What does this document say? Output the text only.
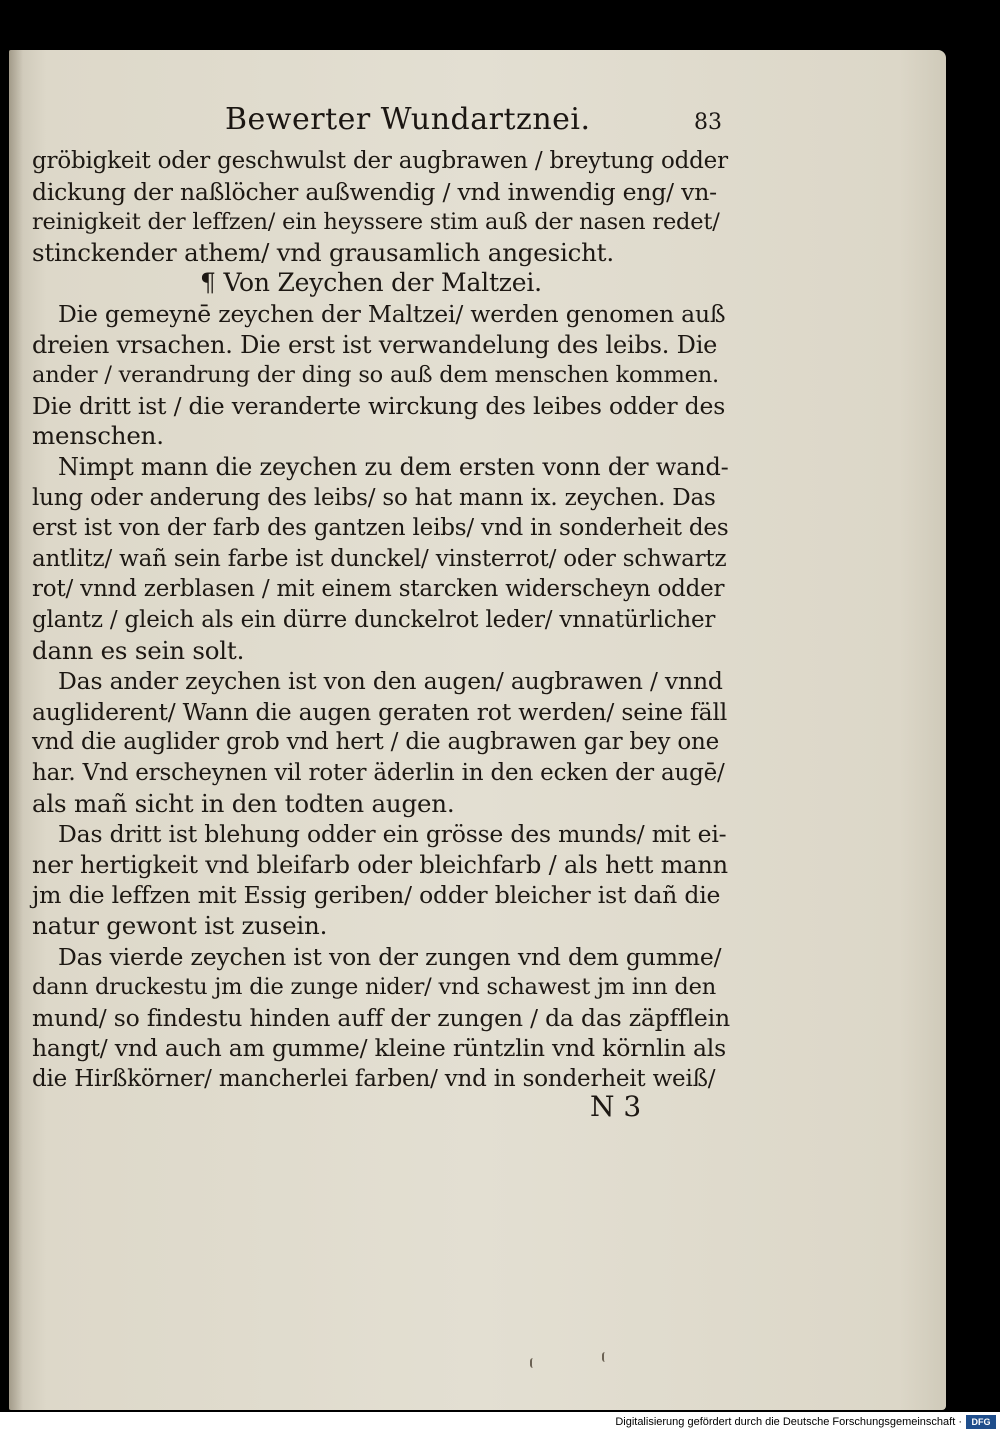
Bewerter Wundartznei.	83
gröbigkeit oder geschwulst der augbrawen / breytung odder
dickung der naßlöcher außwendig / vnd inwendig eng/ vn-
reinigkeit der leffzen/ ein heyssere stim auß der nasen redet/
stinckender athem/ vnd grausamlich angesicht.
¶ Von Zeychen der Maltzei.
Die gemeynē zeychen der Maltzei/ werden genomen auß
dreien vrsachen. Die erst ist verwandelung des leibs. Die
ander / verandrung der ding so auß dem menschen kommen.
Die dritt ist / die veranderte wirckung des leibes odder des
menschen.
Nimpt mann die zeychen zu dem ersten vonn der wand-
lung oder anderung des leibs/ so hat mann ix. zeychen. Das
erst ist von der farb des gantzen leibs/ vnd in sonderheit des
antlitz/ wañ sein farbe ist dunckel/ vinsterrot/ oder schwartz
rot/ vnnd zerblasen / mit einem starcken widerscheyn odder
glantz / gleich als ein dürre dunckelrot leder/ vnnatürlicher
dann es sein solt.
Das ander zeychen ist von den augen/ augbrawen / vnnd
augliderent/ Wann die augen geraten rot werden/ seine fäll
vnd die auglider grob vnd hert / die augbrawen gar bey one
har. Vnd erscheynen vil roter äderlin in den ecken der augē/
als mañ sicht in den todten augen.
Das dritt ist blehung odder ein grösse des munds/ mit ei-
ner hertigkeit vnd bleifarb oder bleichfarb / als hett mann
jm die leffzen mit Essig geriben/ odder bleicher ist dañ die
natur gewont ist zusein.
Das vierde zeychen ist von der zungen vnd dem gumme/
dann druckestu jm die zunge nider/ vnd schawest jm inn den
mund/ so findestu hinden auff der zungen / da das zäpfflein
hangt/ vnd auch am gumme/ kleine rüntzlin vnd körnlin als
die Hirßkörner/ mancherlei farben/ vnd in sonderheit weiß/
N 3
Digitalisierung gefördert durch die Deutsche Forschungsgemeinschaft ·	DFG
